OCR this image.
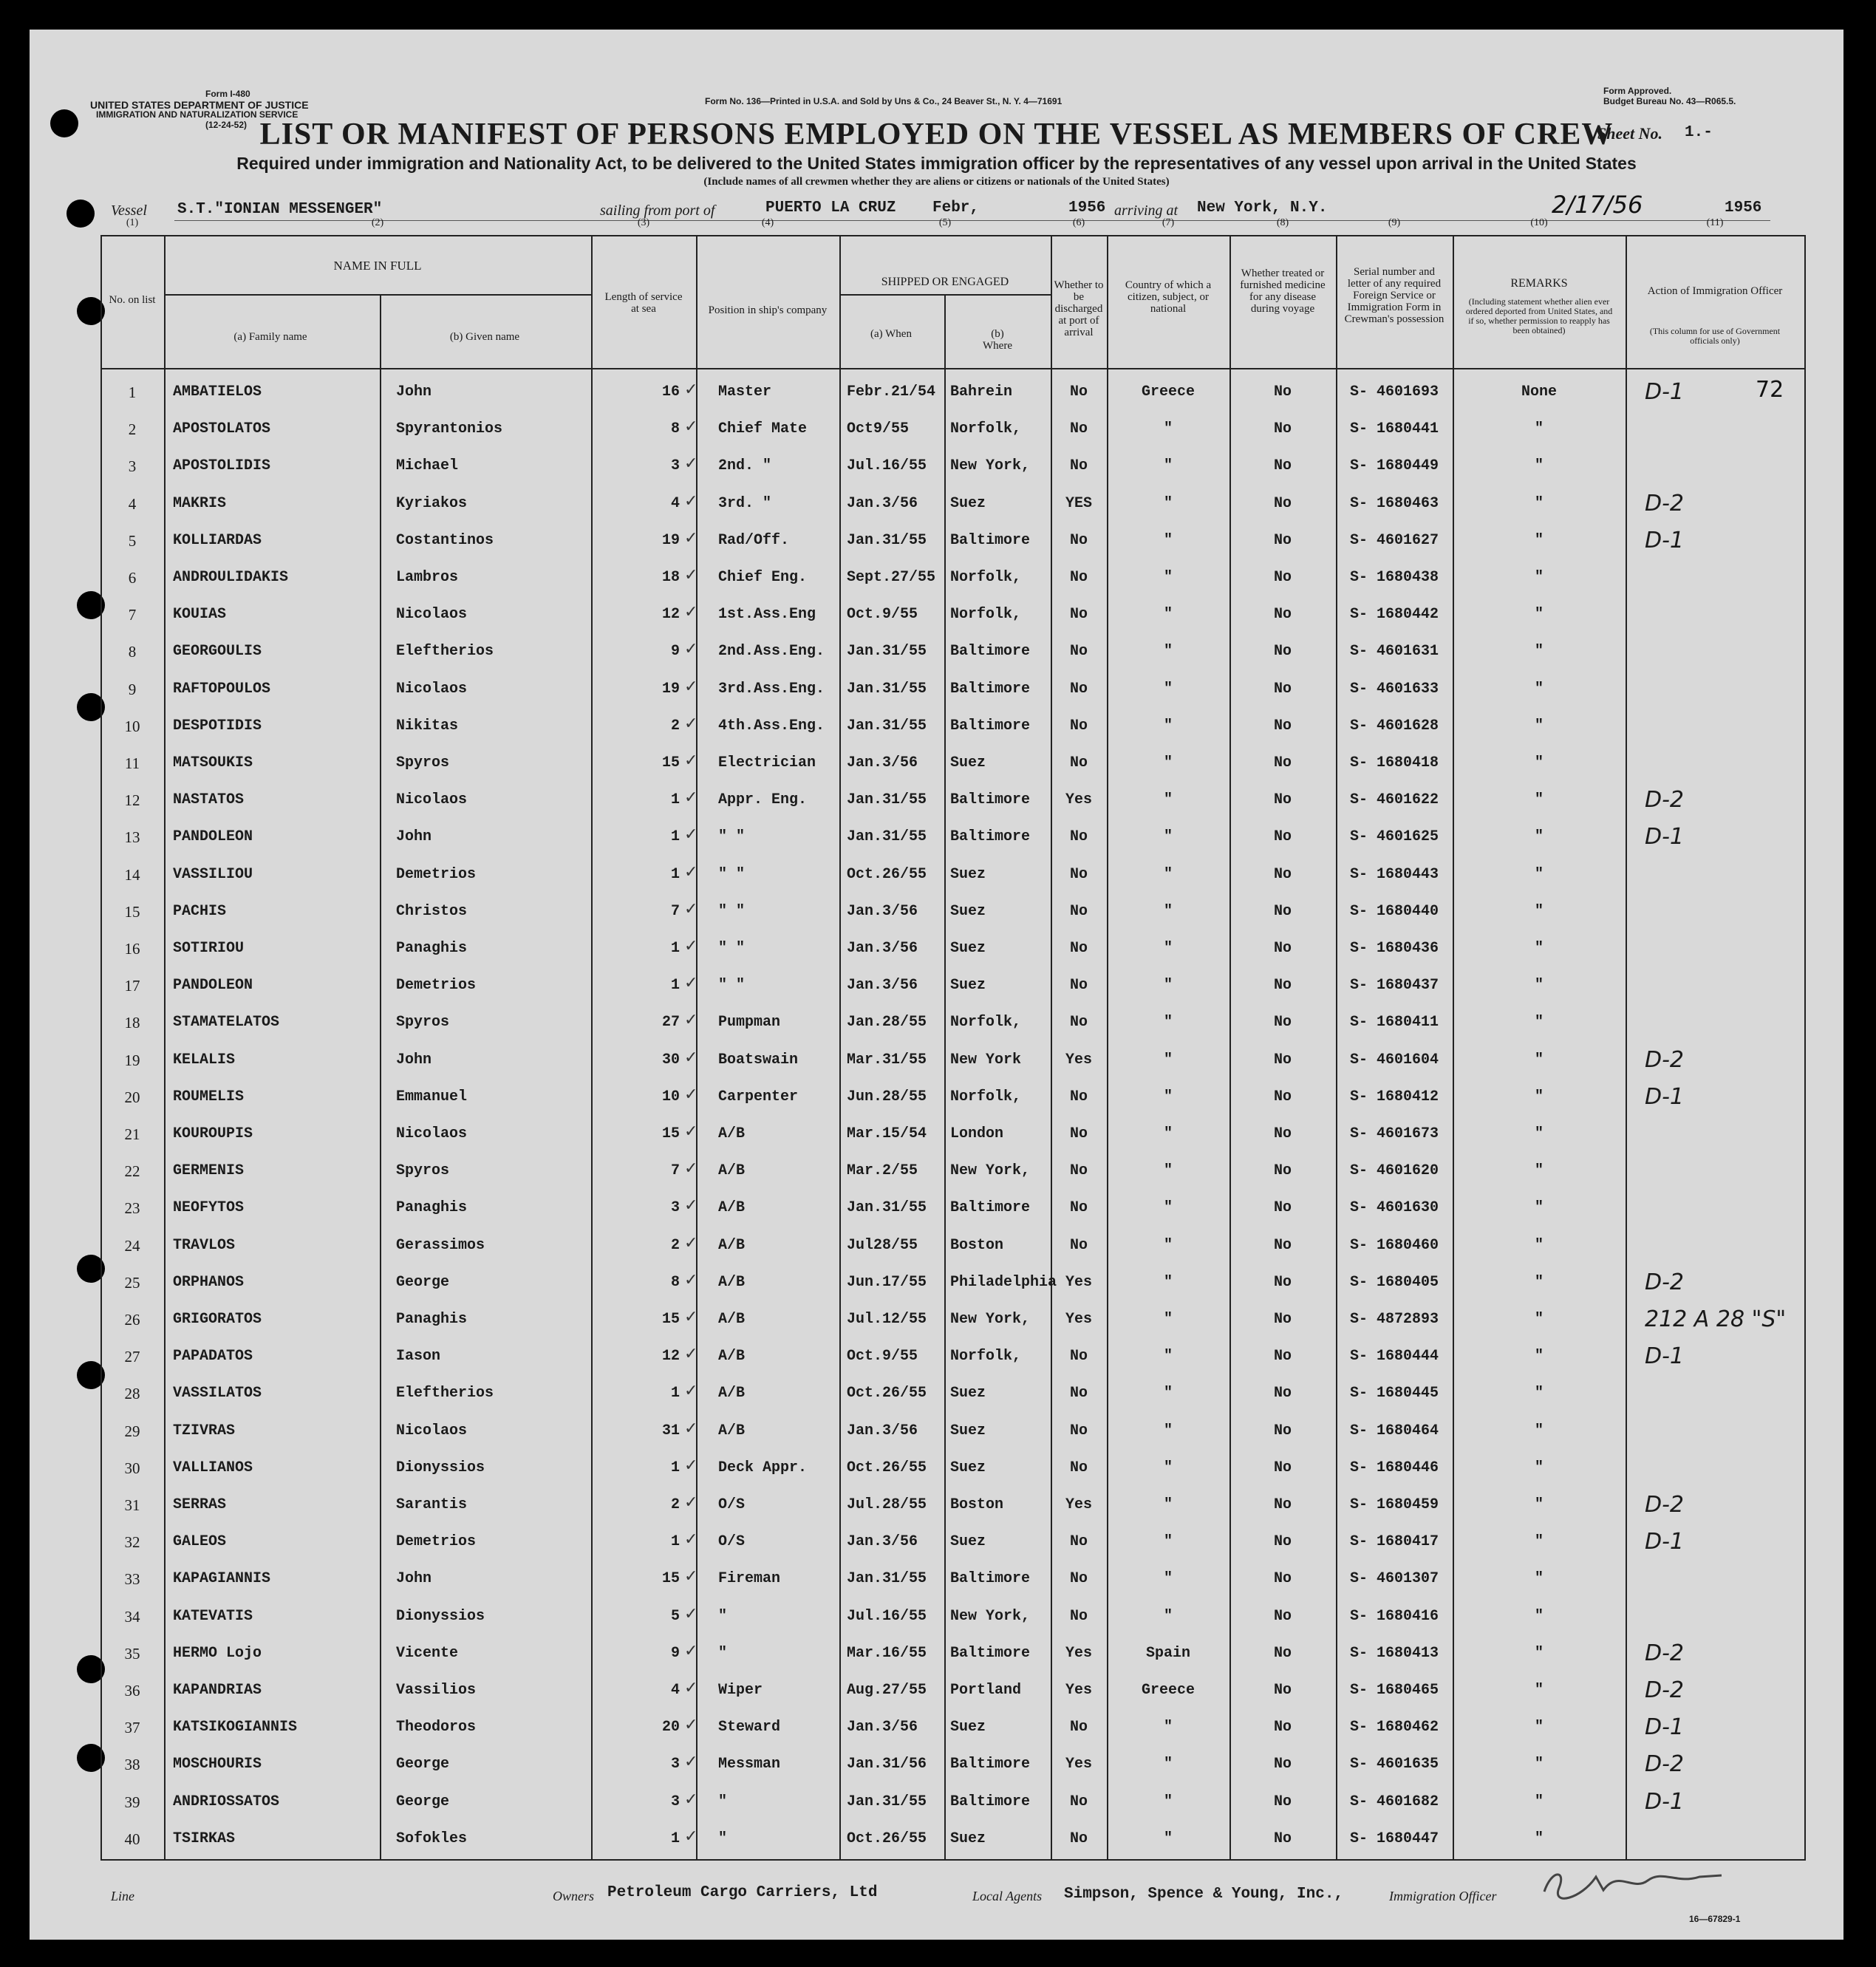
Form I-480
UNITED STATES DEPARTMENT OF JUSTICE
IMMIGRATION AND NATURALIZATION SERVICE
(12-24-52)
Form No. 136—Printed in U.S.A. and Sold by Uns & Co., 24 Beaver St., N. Y. 4—71691
Form Approved.
Budget Bureau No. 43—R065.5.
Sheet No. 1.-
LIST OR MANIFEST OF PERSONS EMPLOYED ON THE VESSEL AS MEMBERS OF CREW
Required under immigration and Nationality Act, to be delivered to the United States immigration officer by the representatives of any vessel upon arrival in the United States
(Include names of all crewmen whether they are aliens or citizens or nationals of the United States)
Vessel S.T."IONIAN MESSENGER"	sailing from port of	PUERTO LA CRUZ Febr,	1956 arriving at New York, N.Y.	2/17/56	1956
72
(1)	(2)	(3)	(4)	(5)	(6)	(7)	(8)	(9)	(10)	(11)
No. on list
NAME IN FULL
(a) Family name	(b) Given name
Length of service at sea	Position in ship's company
SHIPPED OR ENGAGED
(a) When	(b) Where
Whether to be discharged at port of arrival
Country of which a citizen, subject, or national
Whether treated or furnished medicine for any disease during voyage
Serial number and letter of any required Foreign Service or Immigration Form in Crewman's possession
REMARKS
(Including statement whether alien ever ordered deported from United States, and if so, whether permission to reapply has been obtained)
Action of Immigration Officer
(This column for use of Government officials only)
1	AMBATIELOS	John	16	Master	Febr.21/54 Bahrein	No	Greece	No	S- 4601693	None	D-1
✓
2	APOSTOLATOS	Spyrantonios	8	Chief Mate	Oct9/55	Norfolk,	No	"	No	S- 1680441	"
✓
3	APOSTOLIDIS	Michael	3	2nd. "	Jul.16/55	New York,	No	"	No	S- 1680449	"
✓
4	MAKRIS	Kyriakos	4	3rd. "	Jan.3/56	Suez	YES	"	No	S- 1680463	"	D-2
✓
5	KOLLIARDAS	Costantinos	19	Rad/Off.	Jan.31/55	Baltimore	No	"	No	S- 4601627	"	D-1
✓
6	ANDROULIDAKIS	Lambros	18	Chief Eng.	Sept.27/55 Norfolk,	No	"	No	S- 1680438	"
✓
7	KOUIAS	Nicolaos	12	1st.Ass.Eng	Oct.9/55	Norfolk,	No	"	No	S- 1680442	"
✓
8	GEORGOULIS	Eleftherios	9	2nd.Ass.Eng.	Jan.31/55	Baltimore	No	"	No	S- 4601631	"
✓
9	RAFTOPOULOS	Nicolaos	19	3rd.Ass.Eng.	Jan.31/55	Baltimore	No	"	No	S- 4601633	"
✓
10	DESPOTIDIS	Nikitas	2	4th.Ass.Eng.	Jan.31/55	Baltimore	No	"	No	S- 4601628	"
✓
11	MATSOUKIS	Spyros	15	Electrician	Jan.3/56	Suez	No	"	No	S- 1680418	"
✓
12	NASTATOS	Nicolaos	1	Appr. Eng.	Jan.31/55	Baltimore	Yes	"	No	S- 4601622	"	D-2
✓
13	PANDOLEON	John	1	" "	Jan.31/55	Baltimore	No	"	No	S- 4601625	"	D-1
✓
14	VASSILIOU	Demetrios	1	" "	Oct.26/55	Suez	No	"	No	S- 1680443	"
✓
15	PACHIS	Christos	7	" "	Jan.3/56	Suez	No	"	No	S- 1680440	"
✓
16	SOTIRIOU	Panaghis	1	" "	Jan.3/56	Suez	No	"	No	S- 1680436	"
✓
17	PANDOLEON	Demetrios	1	" "	Jan.3/56	Suez	No	"	No	S- 1680437	"
✓
18	STAMATELATOS	Spyros	27	Pumpman	Jan.28/55	Norfolk,	No	"	No	S- 1680411	"
✓
19	KELALIS	John	30	Boatswain	Mar.31/55	New York	Yes	"	No	S- 4601604	"	D-2
✓
20	ROUMELIS	Emmanuel	10	Carpenter	Jun.28/55	Norfolk,	No	"	No	S- 1680412	"	D-1
✓
21	KOUROUPIS	Nicolaos	15	A/B	Mar.15/54	London	No	"	No	S- 4601673	"
✓
22	GERMENIS	Spyros	7	A/B	Mar.2/55	New York,	No	"	No	S- 4601620	"
✓
23	NEOFYTOS	Panaghis	3	A/B	Jan.31/55	Baltimore	No	"	No	S- 4601630	"
✓
24	TRAVLOS	Gerassimos	2	A/B	Jul28/55	Boston	No	"	No	S- 1680460	"
✓
25	ORPHANOS	George	8	A/B	Jun.17/55	Philadelphia Yes	"	No	S- 1680405	"	D-2
✓
26	GRIGORATOS	Panaghis	15	A/B	Jul.12/55	New York,	Yes	"	No	S- 4872893	"	212 A 28 "S"
✓
27	PAPADATOS	Iason	12	A/B	Oct.9/55	Norfolk,	No	"	No	S- 1680444	"	D-1
✓
28	VASSILATOS	Eleftherios	1	A/B	Oct.26/55	Suez	No	"	No	S- 1680445	"
✓
29	TZIVRAS	Nicolaos	31	A/B	Jan.3/56	Suez	No	"	No	S- 1680464	"
✓
30	VALLIANOS	Dionyssios	1	Deck Appr.	Oct.26/55	Suez	No	"	No	S- 1680446	"
✓
31	SERRAS	Sarantis	2	O/S	Jul.28/55	Boston	Yes	"	No	S- 1680459	"	D-2
✓
32	GALEOS	Demetrios	1	O/S	Jan.3/56	Suez	No	"	No	S- 1680417	"	D-1
✓
33	KAPAGIANNIS	John	15	Fireman	Jan.31/55	Baltimore	No	"	No	S- 4601307	"
✓
34	KATEVATIS	Dionyssios	5	"	Jul.16/55	New York,	No	"	No	S- 1680416	"
✓
35	HERMO Lojo	Vicente	9	"	Mar.16/55	Baltimore	Yes	Spain	No	S- 1680413	"	D-2
✓
36	KAPANDRIAS	Vassilios	4	Wiper	Aug.27/55	Portland	Yes	Greece	No	S- 1680465	"	D-2
✓
37	KATSIKOGIANNIS	Theodoros	20	Steward	Jan.3/56	Suez	No	"	No	S- 1680462	"	D-1
✓
38	MOSCHOURIS	George	3	Messman	Jan.31/56	Baltimore	Yes	"	No	S- 4601635	"	D-2
✓
39	ANDRIOSSATOS	George	3	"	Jan.31/55	Baltimore	No	"	No	S- 4601682	"	D-1
✓
40	TSIRKAS	Sofokles	1	"	Oct.26/55	Suez	No	"	No	S- 1680447	"
✓
Line	Owners Petroleum Cargo Carriers, Ltd	Local Agents Simpson, Spence & Young, Inc.,	Immigration Officer
16—67829-1
